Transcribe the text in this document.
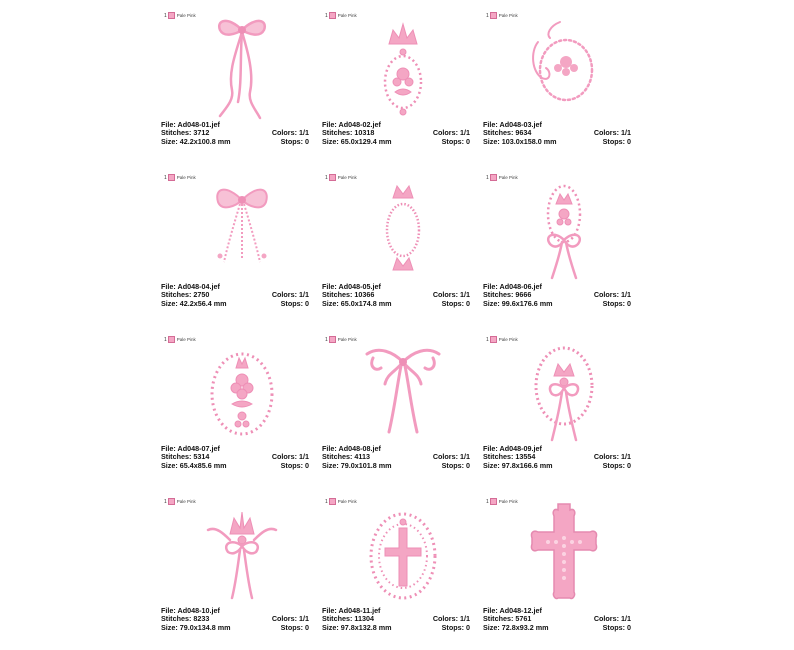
1 Pale Pink
File: Ad048-01.jef
Stitches: 3712	Colors: 1/1
Size: 42.2x100.8 mm	Stops: 0
1 Pale Pink
File: Ad048-02.jef
Stitches: 10318	Colors: 1/1
Size: 65.0x129.4 mm	Stops: 0
1 Pale Pink
File: Ad048-03.jef
Stitches: 9634	Colors: 1/1
Size: 103.0x158.0 mm	Stops: 0
1 Pale Pink
File: Ad048-04.jef
Stitches: 2750	Colors: 1/1
Size: 42.2x56.4 mm	Stops: 0
1 Pale Pink
File: Ad048-05.jef
Stitches: 10366	Colors: 1/1
Size: 65.0x174.8 mm	Stops: 0
1 Pale Pink
File: Ad048-06.jef
Stitches: 9666	Colors: 1/1
Size: 99.6x176.6 mm	Stops: 0
1 Pale Pink
File: Ad048-07.jef
Stitches: 5314	Colors: 1/1
Size: 65.4x85.6 mm	Stops: 0
1 Pale Pink
File: Ad048-08.jef
Stitches: 4113	Colors: 1/1
Size: 79.0x101.8 mm	Stops: 0
1 Pale Pink
File: Ad048-09.jef
Stitches: 13554	Colors: 1/1
Size: 97.8x166.6 mm	Stops: 0
1 Pale Pink
File: Ad048-10.jef
Stitches: 8233	Colors: 1/1
Size: 79.0x134.8 mm	Stops: 0
1 Pale Pink
File: Ad048-11.jef
Stitches: 11304	Colors: 1/1
Size: 97.8x132.8 mm	Stops: 0
1 Pale Pink
File: Ad048-12.jef
Stitches: 5761	Colors: 1/1
Size: 72.8x93.2 mm	Stops: 0
